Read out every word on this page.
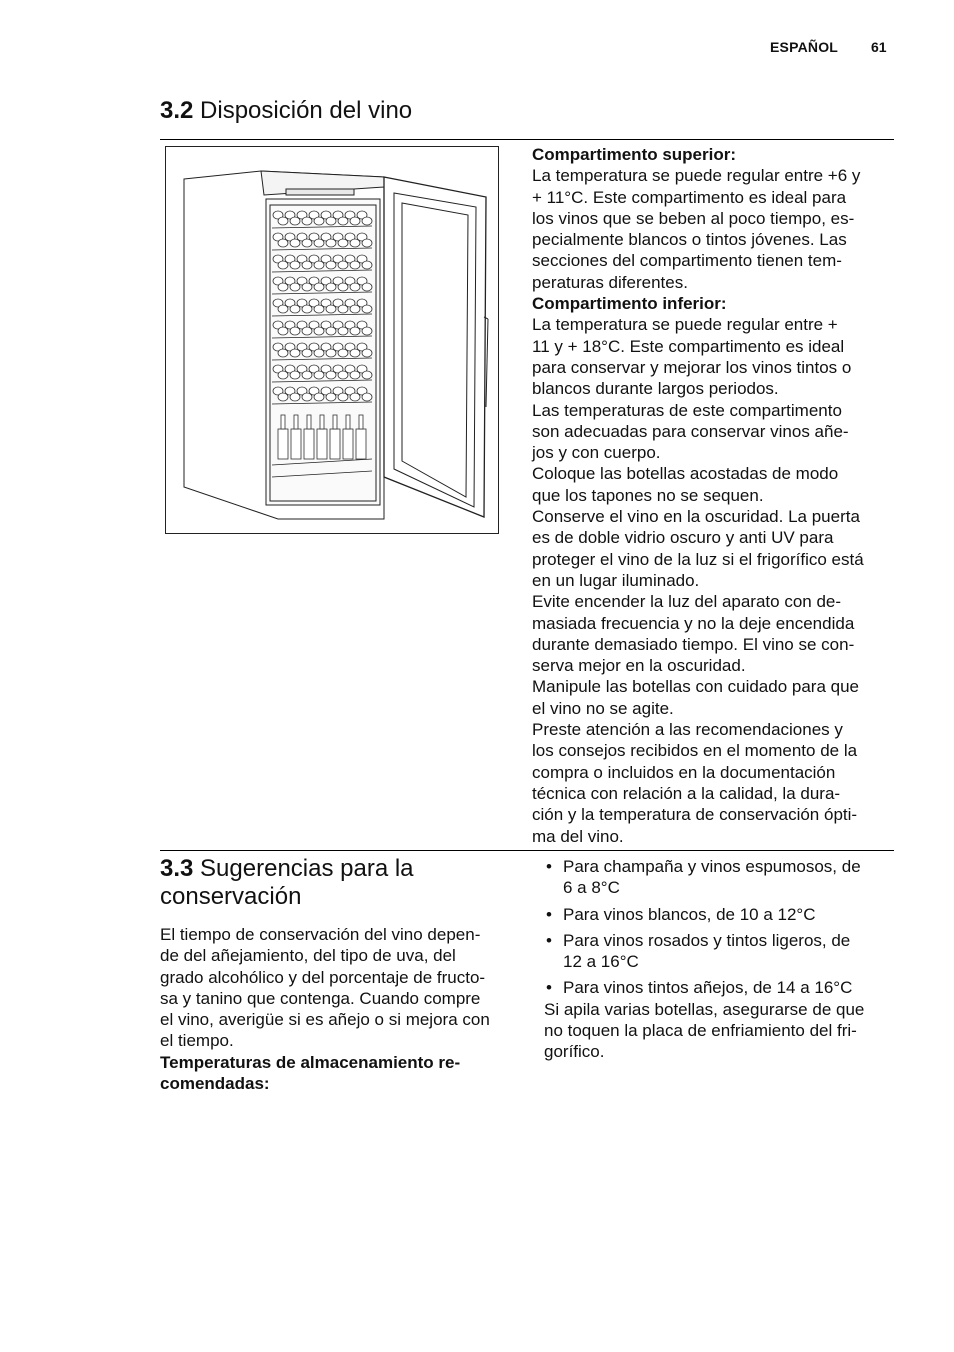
ESPAÑOL 61
3.2 Disposición del vino

Compartimento superior:

La temperatura se puede regular entre +6 y

+ 11°C. Este compartimento es ideal para

los vinos que se beben al poco tiempo, es-

pecialmente blancos o tintos jóvenes. Las

secciones del compartimento tienen tem-

peraturas diferentes.

Compartimento inferior:

La temperatura se puede regular entre +

11 y + 18°C. Este compartimento es ideal

para conservar y mejorar los vinos tintos o

blancos durante largos periodos.

Las temperaturas de este compartimento

son adecuadas para conservar vinos añe-

jos y con cuerpo.

Coloque las botellas acostadas de modo

que los tapones no se sequen.

Conserve el vino en la oscuridad. La puerta

es de doble vidrio oscuro y anti UV para

proteger el vino de la luz si el frigorífico está

en un lugar iluminado.

Evite encender la luz del aparato con de-

masiada frecuencia y no la deje encendida

durante demasiado tiempo. El vino se con-

serva mejor en la oscuridad.

Manipule las botellas con cuidado para que

el vino no se agite.

Preste atención a las recomendaciones y

los consejos recibidos en el momento de la

compra o incluidos en la documentación

técnica con relación a la calidad, la dura-

ción y la temperatura de conservación ópti-

ma del vino.

3.3 Sugerencias para la
conservación

El tiempo de conservación del vino depen-

de del añejamiento, del tipo de uva, del

grado alcohólico y del porcentaje de fructo-

sa y tanino que contenga. Cuando compre

el vino, averigüe si es añejo o si mejora con

el tiempo.

Temperaturas de almacenamiento re-

comendadas:

• Para champaña y vinos espumosos, de
6 a 8°C
• Para vinos blancos, de 10 a 12°C
• Para vinos rosados y tintos ligeros, de
12 a 16°C
• Para vinos tintos añejos, de 14 a 16°C
Si apila varias botellas, asegurarse de que
no toquen la placa de enfriamiento del fri-
gorífico.
